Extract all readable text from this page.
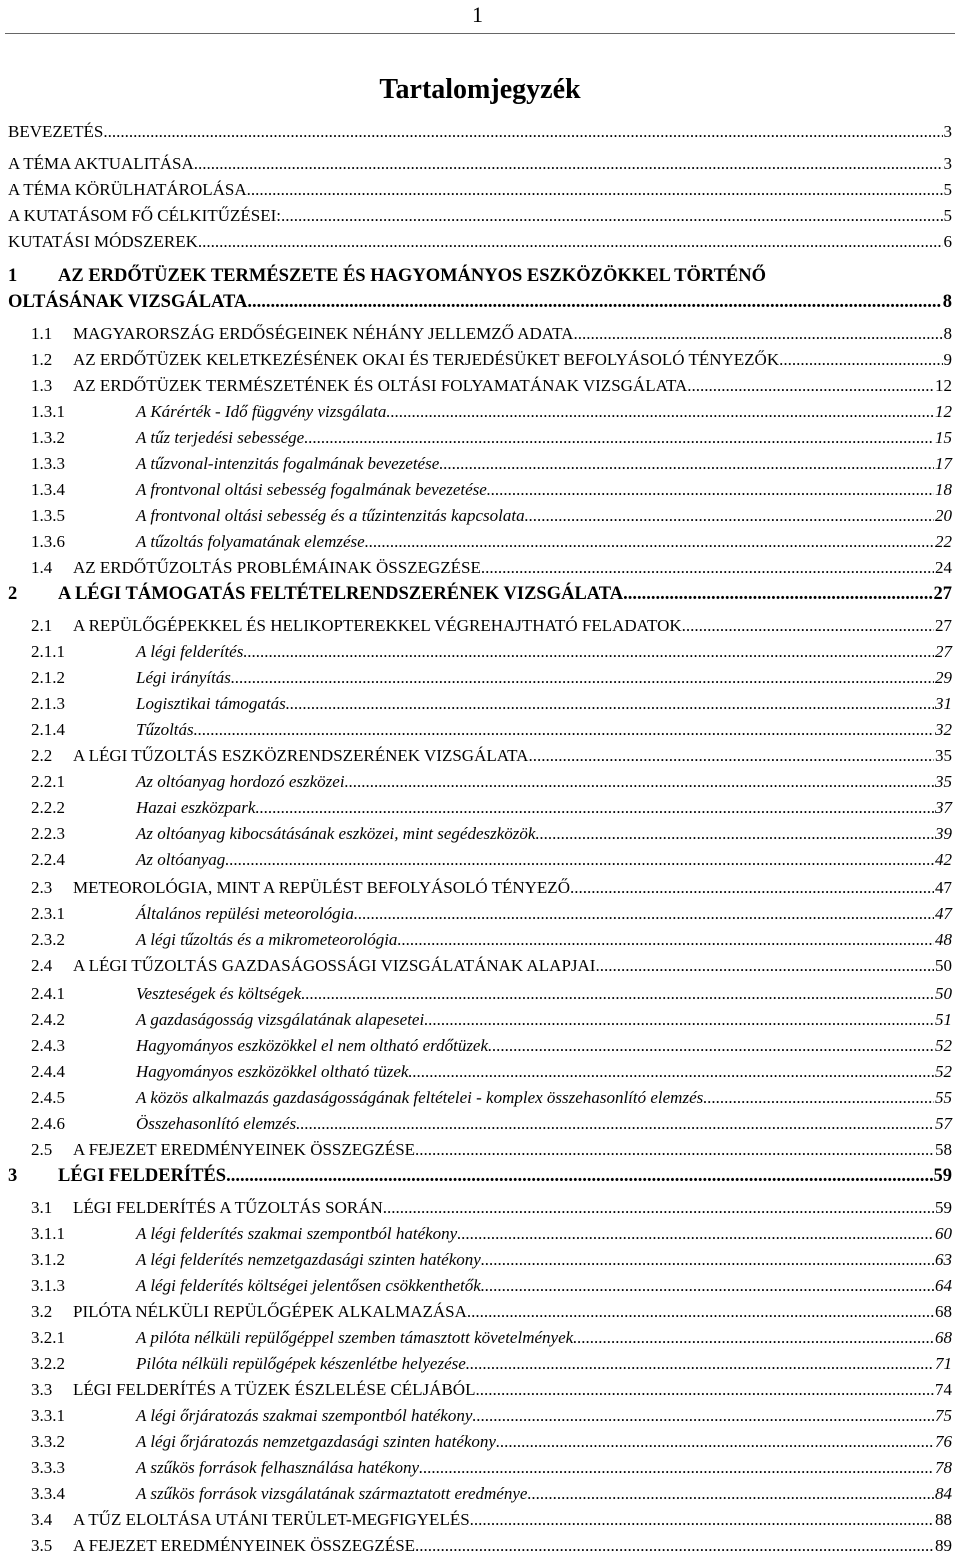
1
Tartalomjegyzék
BEVEZETÉS .....	3
A TÉMA AKTUALITÁSA .....	3
A TÉMA KÖRÜLHATÁROLÁSA .....	5
A KUTATÁSOM FŐ CÉLKITŰZÉSEI: .....	5
KUTATÁSI MÓDSZEREK .....	6
1	AZ ERDŐTÜZEK TERMÉSZETE ÉS HAGYOMÁNYOS ESZKÖZÖKKEL TÖRTÉNŐ
OLTÁSÁNAK VIZSGÁLATA .....	8
1.1	MAGYARORSZÁG ERDŐSÉGEINEK NÉHÁNY JELLEMZŐ ADATA .....	8
1.2	AZ ERDŐTÜZEK KELETKEZÉSÉNEK OKAI ÉS TERJEDÉSÜKET BEFOLYÁSOLÓ TÉNYEZŐK .....	9
1.3	AZ ERDŐTÜZEK TERMÉSZETÉNEK ÉS OLTÁSI FOLYAMATÁNAK VIZSGÁLATA .....	12
1.3.1	A Kárérték - Idő függvény vizsgálata .....	12
1.3.2	A tűz terjedési sebessége .....	15
1.3.3	A tűzvonal-intenzitás fogalmának bevezetése .....	17
1.3.4	A frontvonal oltási sebesség fogalmának bevezetése .....	18
1.3.5	A frontvonal oltási sebesség és a tűzintenzitás kapcsolata .....	20
1.3.6	A tűzoltás folyamatának elemzése .....	22
1.4	AZ ERDŐTŰZOLTÁS PROBLÉMÁINAK ÖSSZEGZÉSE .....	24
2	A LÉGI TÁMOGATÁS FELTÉTELRENDSZERÉNEK VIZSGÁLATA .....	27
2.1	A REPÜLŐGÉPEKKEL ÉS HELIKOPTEREKKEL VÉGREHAJTHATÓ FELADATOK .....	27
2.1.1	A légi felderítés .....	27
2.1.2	Légi irányítás .....	29
2.1.3	Logisztikai támogatás .....	31
2.1.4	Tűzoltás .....	32
2.2	A LÉGI TŰZOLTÁS ESZKÖZRENDSZERÉNEK VIZSGÁLATA .....	35
2.2.1	Az oltóanyag hordozó eszközei .....	35
2.2.2	Hazai eszközpark .....	37
2.2.3	Az oltóanyag kibocsátásának eszközei, mint segédeszközök .....	39
2.2.4	Az oltóanyag .....	42
2.3	METEOROLÓGIA, MINT A REPÜLÉST BEFOLYÁSOLÓ TÉNYEZŐ .....	47
2.3.1	Általános repülési meteorológia .....	47
2.3.2	A légi tűzoltás és a mikrometeorológia .....	48
2.4	A LÉGI TŰZOLTÁS GAZDASÁGOSSÁGI VIZSGÁLATÁNAK ALAPJAI .....	50
2.4.1	Veszteségek és költségek .....	50
2.4.2	A gazdaságosság vizsgálatának alapesetei .....	51
2.4.3	Hagyományos eszközökkel el nem oltható erdőtüzek .....	52
2.4.4	Hagyományos eszközökkel oltható tüzek .....	52
2.4.5	A közös alkalmazás gazdaságosságának feltételei - komplex összehasonlító elemzés .....	55
2.4.6	Összehasonlító elemzés .....	57
2.5	A FEJEZET EREDMÉNYEINEK ÖSSZEGZÉSE .....	58
3	LÉGI FELDERÍTÉS .....	59
3.1	LÉGI FELDERÍTÉS A TŰZOLTÁS SORÁN .....	59
3.1.1	A légi felderítés szakmai szempontból hatékony .....	60
3.1.2	A légi felderítés nemzetgazdasági szinten hatékony .....	63
3.1.3	A légi felderítés költségei jelentősen csökkenthetők .....	64
3.2	PILÓTA NÉLKÜLI REPÜLŐGÉPEK ALKALMAZÁSA .....	68
3.2.1	A pilóta nélküli repülőgéppel szemben támasztott követelmények .....	68
3.2.2	Pilóta nélküli repülőgépek készenlétbe helyezése .....	71
3.3	LÉGI FELDERÍTÉS A TÜZEK ÉSZLELÉSE CÉLJÁBÓL .....	74
3.3.1	A légi őrjáratozás szakmai szempontból hatékony .....	75
3.3.2	A légi őrjáratozás nemzetgazdasági szinten hatékony .....	76
3.3.3	A szűkös források felhasználása hatékony .....	78
3.3.4	A szűkös források vizsgálatának származtatott eredménye .....	84
3.4	A TŰZ ELOLTÁSA UTÁNI TERÜLET-MEGFIGYELÉS .....	88
3.5	A FEJEZET EREDMÉNYEINEK ÖSSZEGZÉSE .....	89
